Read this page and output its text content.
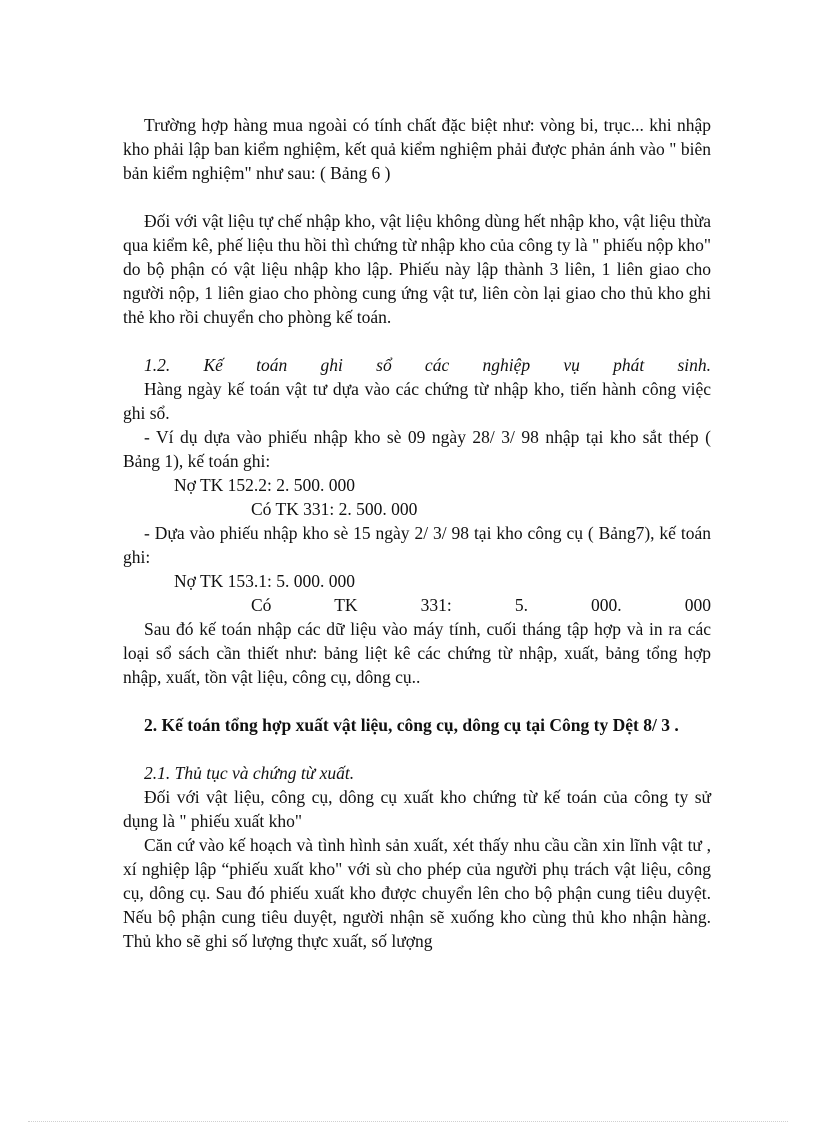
Trường hợp hàng mua ngoài có tính chất đặc biệt như: vòng bi, trục... khi nhập kho phải lập ban kiểm nghiệm, kết quả kiểm nghiệm phải được phản ánh vào " biên bản kiểm nghiệm" như sau: ( Bảng 6 )

Đối với vật liệu tự chế nhập kho, vật liệu không dùng hết nhập kho, vật liệu thừa qua kiểm kê, phế liệu thu hồi thì chứng từ nhập kho của công ty là " phiếu nộp kho" do bộ phận có vật liệu nhập kho lập. Phiếu này lập thành 3 liên, 1 liên giao cho người nộp, 1 liên giao cho phòng cung ứng vật tư, liên còn lại giao cho thủ kho ghi thẻ kho rồi chuyển cho phòng kế toán.

1.2. Kế toán ghi sổ các nghiệp vụ phát sinh.

Hàng ngày kế toán vật tư dựa vào các chứng từ nhập kho, tiến hành công việc ghi sổ.

- Ví dụ dựa vào phiếu nhập kho sè 09 ngày 28/ 3/ 98 nhập tại kho sắt thép ( Bảng 1), kế toán ghi:

Nợ TK 152.2: 2. 500. 000

Có TK 331: 2. 500. 000

- Dựa vào phiếu nhập kho sè 15 ngày 2/ 3/ 98 tại kho công cụ ( Bảng7), kế toán ghi:

Nợ TK 153.1: 5. 000. 000

Có TK 331: 5. 000. 000

Sau đó kế toán nhập các dữ liệu vào máy tính, cuối tháng tập hợp và in ra các loại sổ sách cần thiết như: bảng liệt kê các chứng từ nhập, xuất, bảng tổng hợp nhập, xuất, tồn vật liệu, công cụ, dông cụ..

2. Kế toán tổng hợp xuất vật liệu, công cụ, dông cụ tại Công ty Dệt 8/ 3 .

2.1. Thủ tục và chứng từ xuất.

Đối với vật liệu, công cụ, dông cụ xuất kho chứng từ kế toán của công ty sử dụng là " phiếu xuất kho"

Căn cứ vào kế hoạch và tình hình sản xuất, xét thấy nhu cầu cần xin lĩnh vật tư , xí nghiệp lập “phiếu xuất kho" với sù cho phép của người phụ trách vật liệu, công cụ, dông cụ. Sau đó phiếu xuất kho được chuyển lên cho bộ phận cung tiêu duyệt. Nếu bộ phận cung tiêu duyệt, người nhận sẽ xuống kho cùng thủ kho nhận hàng. Thủ kho sẽ ghi số lượng thực xuất, số lượng
